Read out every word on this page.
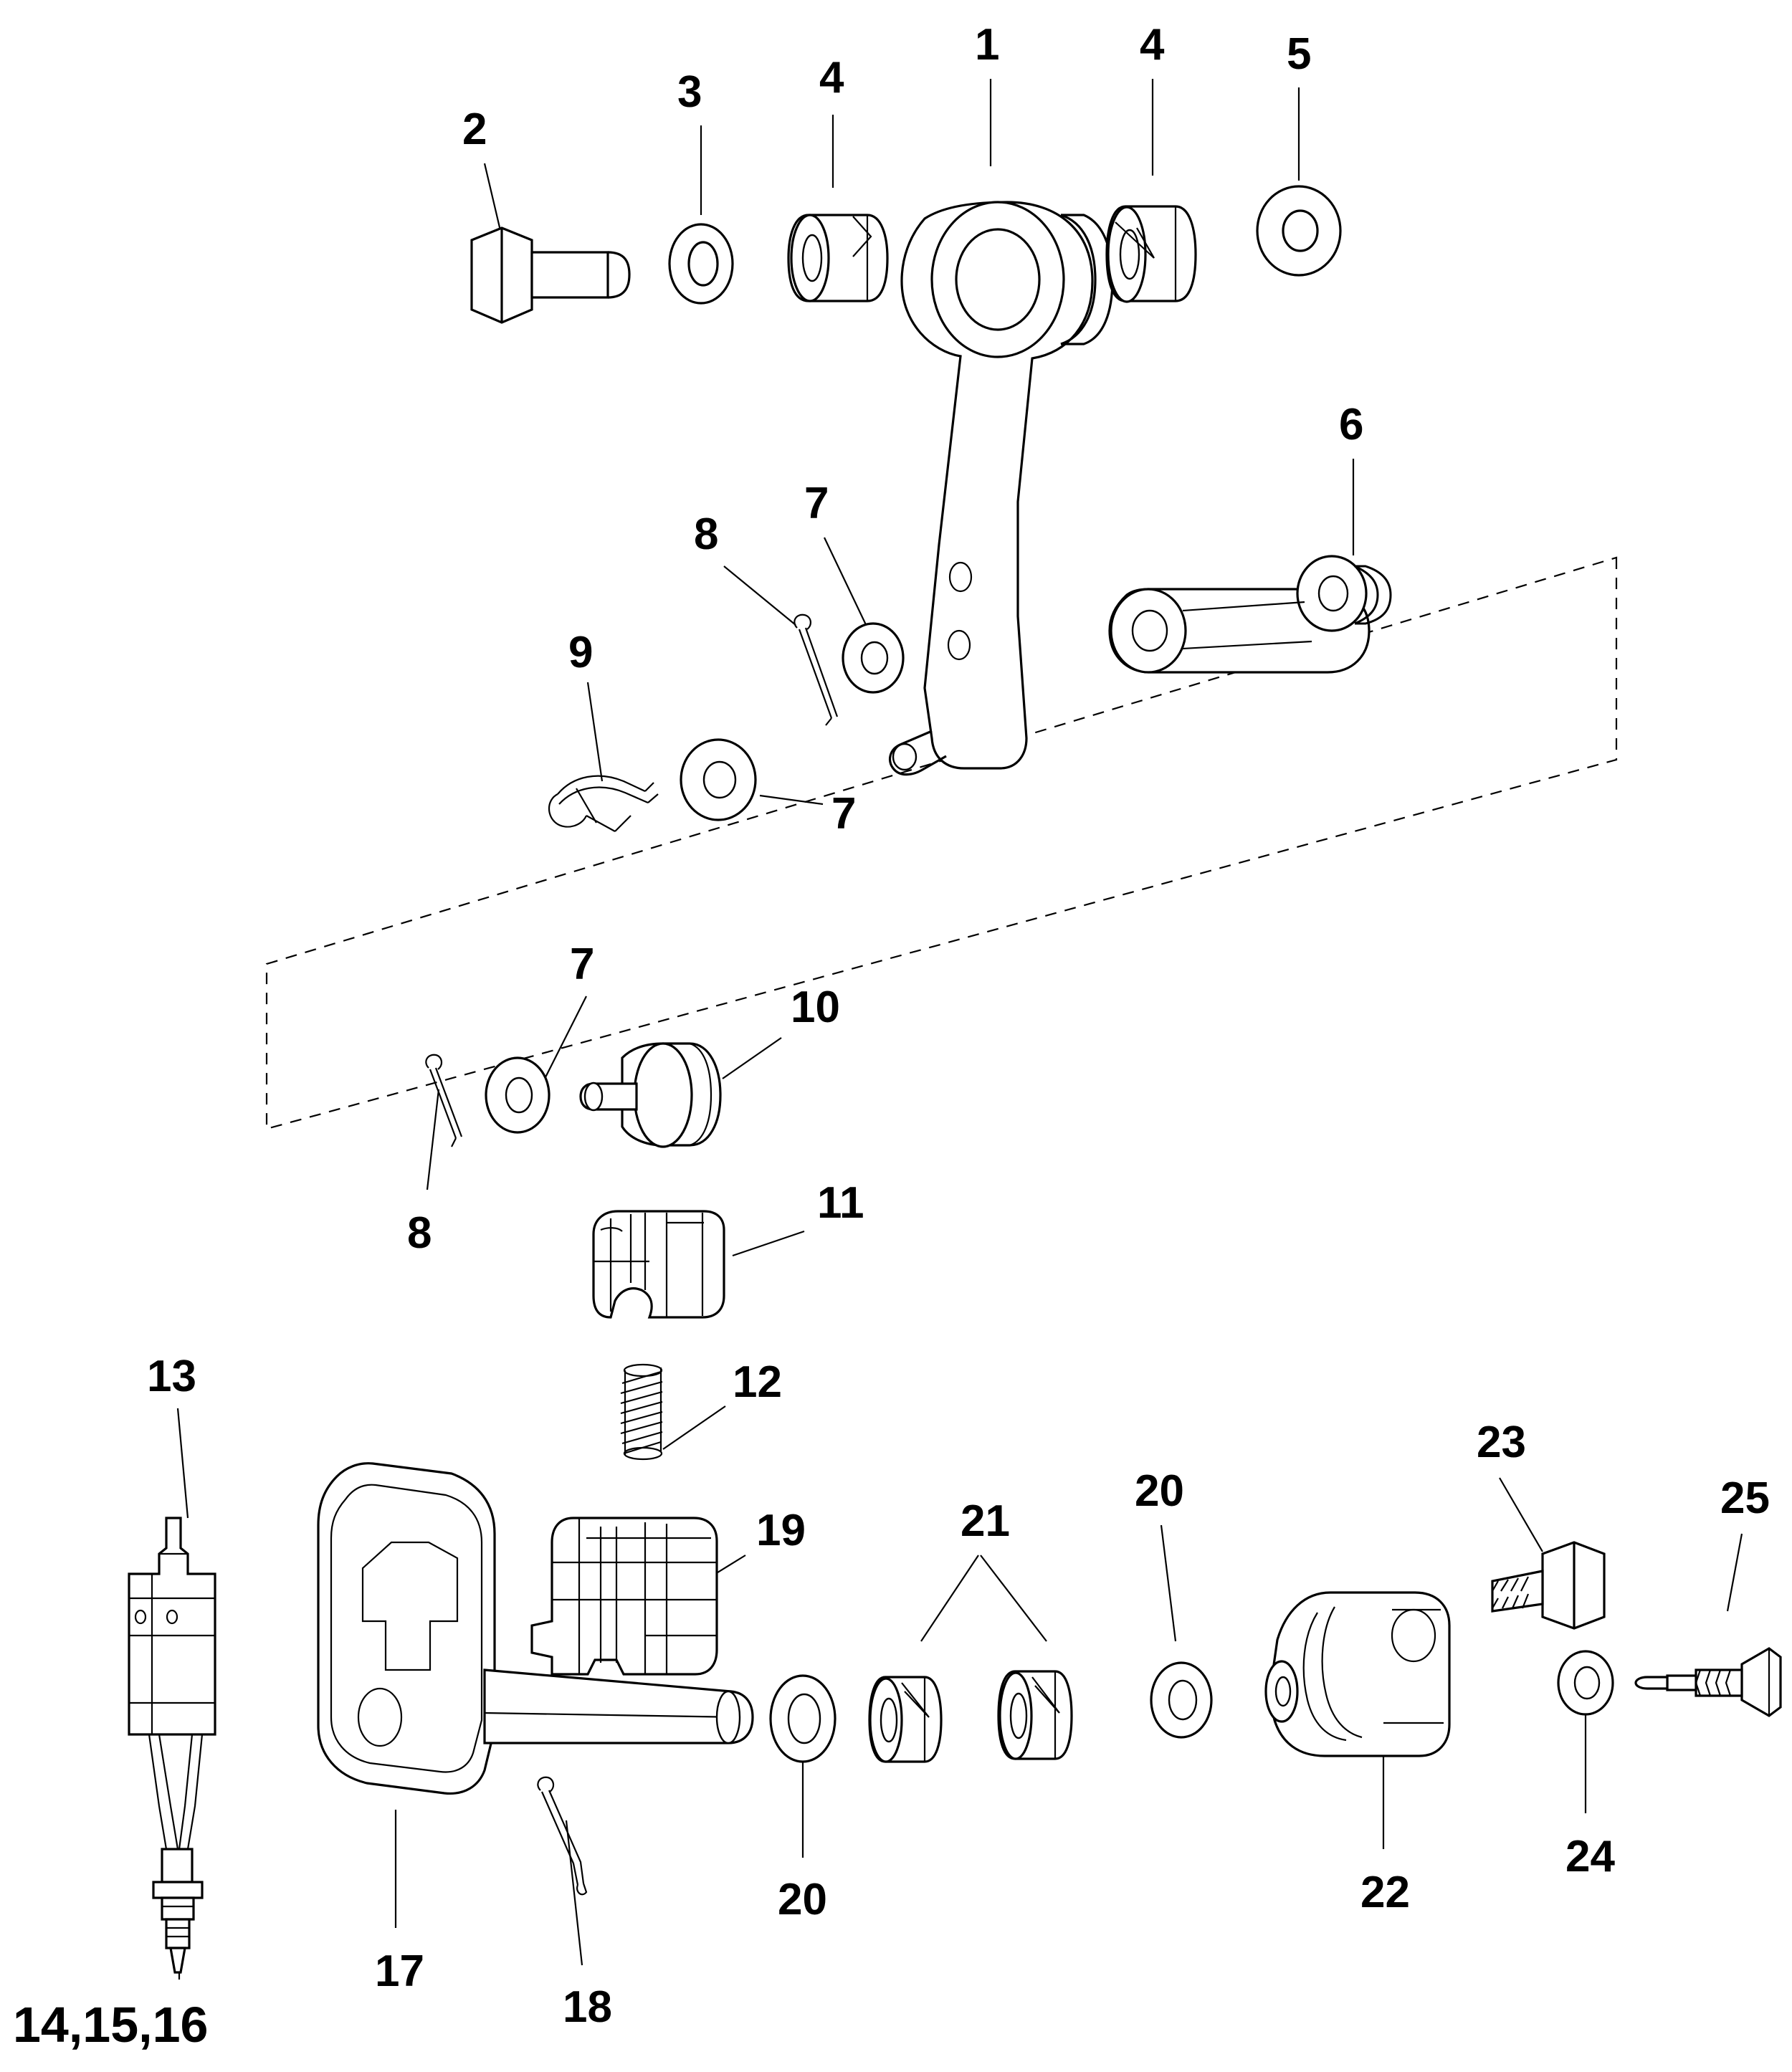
2
3	4
1	4	5
6
8
7
9
7
7
10
8
11
13	12
19	21
20
23
25
17
18
20	22
24
14,15,16
